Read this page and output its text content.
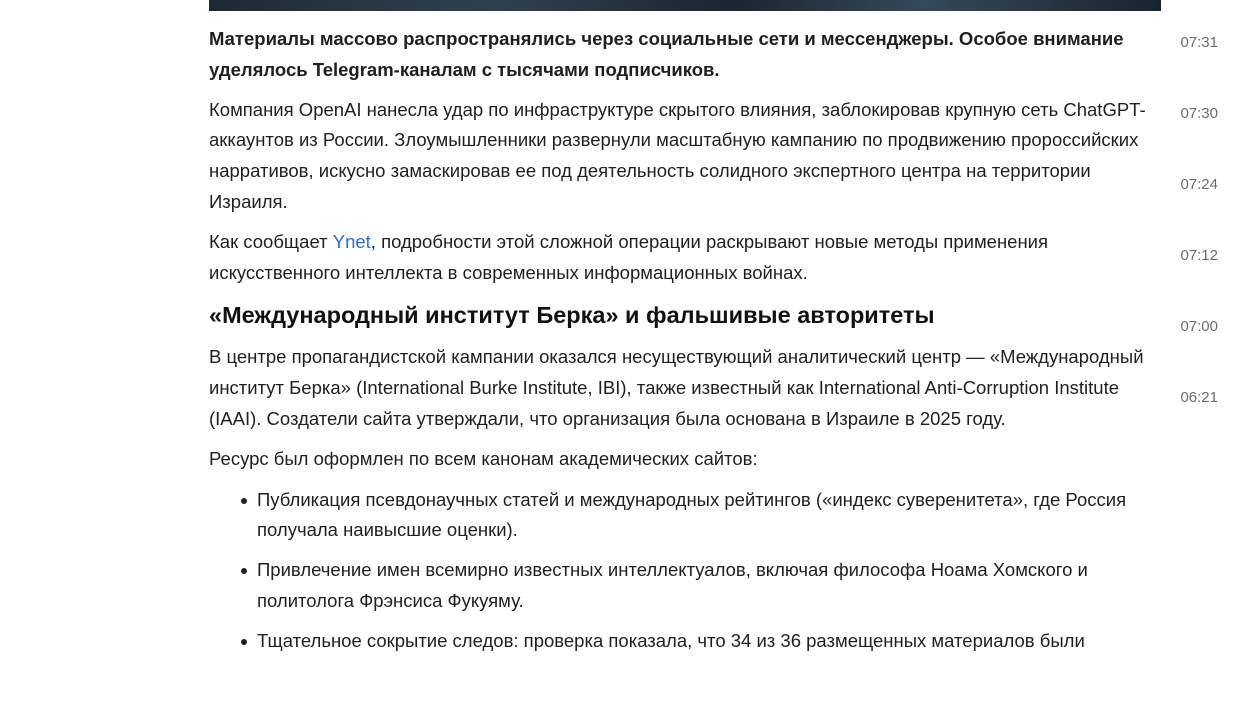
Материалы массово распространялись через социальные сети и мессенджеры. Особое внимание уделялось Telegram-каналам с тысячами подписчиков.

Компания OpenAI нанесла удар по инфраструктуре скрытого влияния, заблокировав крупную сеть ChatGPT-аккаунтов из России. Злоумышленники развернули масштабную кампанию по продвижению пророссийских нарративов, искусно замаскировав ее под деятельность солидного экспертного центра на территории Израиля.

Как сообщает Ynet, подробности этой сложной операции раскрывают новые методы применения искусственного интеллекта в современных информационных войнах.

«Международный институт Берка» и фальшивые авторитеты

В центре пропагандистской кампании оказался несуществующий аналитический центр — «Международный институт Берка» (International Burke Institute, IBI), также известный как International Anti-Corruption Institute (IAAI). Создатели сайта утверждали, что организация была основана в Израиле в 2025 году.

Ресурс был оформлен по всем канонам академических сайтов:

Публикация псевдонаучных статей и международных рейтингов («индекс суверенитета», где Россия получала наивысшие оценки).
Привлечение имен всемирно известных интеллектуалов, включая философа Ноама Хомского и политолога Фрэнсиса Фукуяму.
Тщательное сокрытие следов: проверка показала, что 34 из 36 размещенных материалов были
07:31
07:30
07:24
07:12
07:00
06:21
